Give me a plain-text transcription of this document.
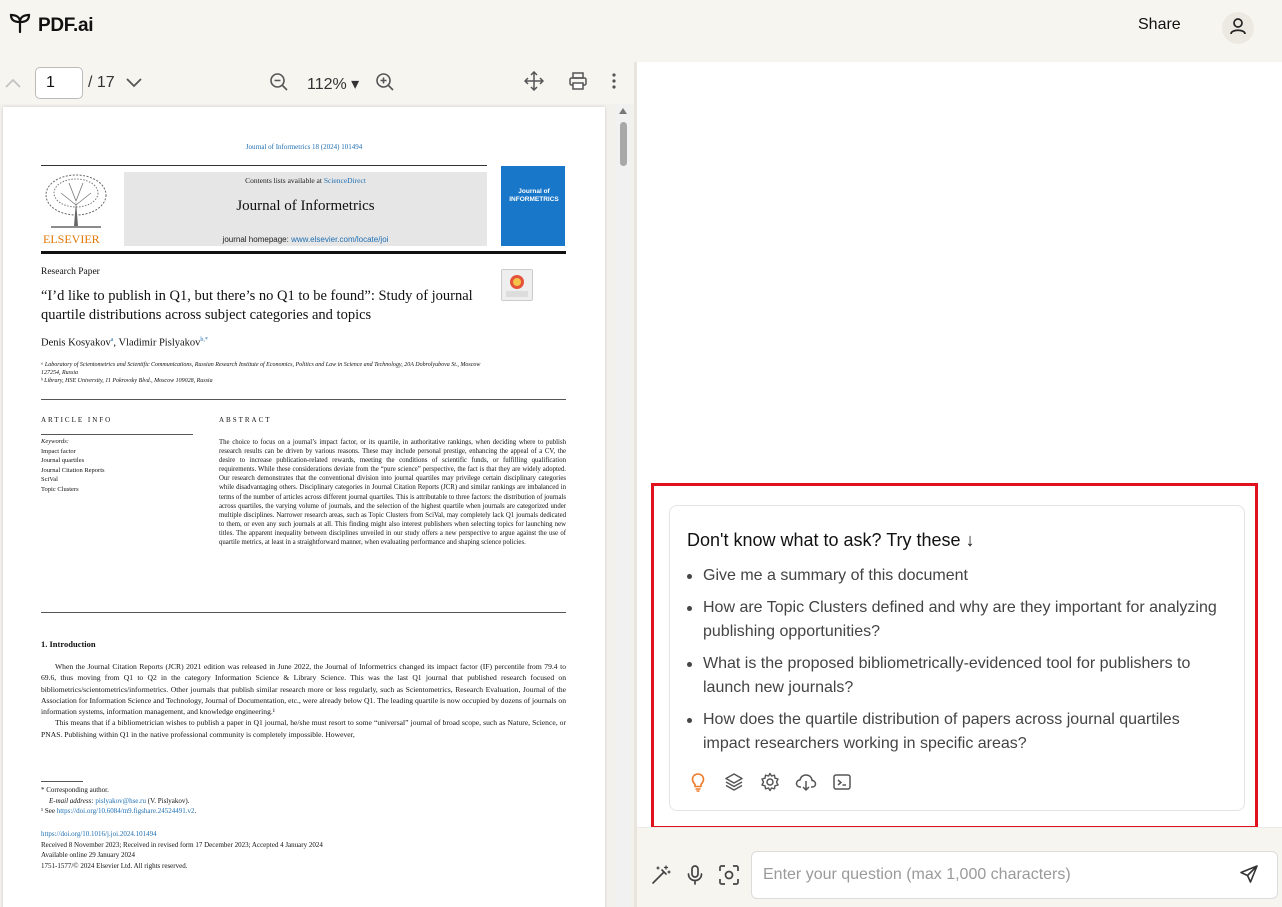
PDF.ai	Share
1	/ 17	112% ▾
Journal of Informetrics 18 (2024) 101494
ELSEVIER
Contents lists available at ScienceDirect
Journal of Informetrics
journal homepage: www.elsevier.com/locate/joi
Journal of INFORMETRICS
Research Paper
“I’d like to publish in Q1, but there’s no Q1 to be found”: Study of journal quartile distributions across subject categories and topics
Denis Kosyakov$^a$, Vladimir Pislyakov$^{b,*}$
ᵃ Laboratory of Scientometrics and Scientific Communications, Russian Research Institute of Economics, Politics and Law in Science and Technology, 20A Dobrolyubova St., Moscow 127254, Russia
ᵇ Library, HSE University, 11 Pokrovsky Blvd., Moscow 109028, Russia
ARTICLE INFO	ABSTRACT
Keywords:
Impact factor
Journal quartiles
Journal Citation Reports
SciVal
Topic Clusters
The choice to focus on a journal’s impact factor, or its quartile, in authoritative rankings, when deciding where to publish research results can be driven by various reasons. These may include personal prestige, enhancing the appeal of a CV, the desire to increase publication-related rewards, meeting the conditions of scientific funds, or fulfilling qualification requirements. While these considerations deviate from the “pure science” perspective, the fact is that they are widely adopted. Our research demonstrates that the conventional division into journal quartiles may privilege certain disciplinary categories while disadvantaging others. Disciplinary categories in Journal Citation Reports (JCR) and similar rankings are imbalanced in terms of the number of articles across different journal quartiles. This is attributable to three factors: the distribution of journals across quartiles, the varying volume of journals, and the selection of the highest quartile when journals are categorized under multiple disciplines. Narrower research areas, such as Topic Clusters from SciVal, may completely lack Q1 journals dedicated to them, or even any such journals at all. This finding might also interest publishers when selecting topics for launching new titles. The apparent inequality between disciplines unveiled in our study offers a new perspective to argue against the use of quartile metrics, at least in a straightforward manner, when evaluating performance and shaping science policies.
1. Introduction

When the Journal Citation Reports (JCR) 2021 edition was released in June 2022, the Journal of Informetrics changed its impact factor (IF) percentile from 79.4 to 69.6, thus moving from Q1 to Q2 in the category Information Science & Library Science. This was the last Q1 journal that published research focused on bibliometrics/scientometrics/informetrics. Other journals that publish similar research more or less regularly, such as Scientometrics, Research Evaluation, Journal of the Association for Information Science and Technology, Journal of Documentation, etc., were already below Q1. The leading quartile is now occupied by dozens of journals on information systems, information management, and knowledge engineering.¹

This means that if a bibliometrician wishes to publish a paper in Q1 journal, he/she must resort to some “universal” journal of broad scope, such as Nature, Science, or PNAS. Publishing within Q1 in the native professional community is completely impossible. However,

* Corresponding author.
E-mail address: pislyakov@hse.ru (V. Pislyakov).
¹ See https://doi.org/10.6084/m9.figshare.24524491.v2.
https://doi.org/10.1016/j.joi.2024.101494
Received 8 November 2023; Received in revised form 17 December 2023; Accepted 4 January 2024
Available online 29 January 2024
1751-1577/© 2024 Elsevier Ltd. All rights reserved.
Don't know what to ask? Try these ↓
Give me a summary of this document
How are Topic Clusters defined and why are they important for analyzing publishing opportunities?
What is the proposed bibliometrically-evidenced tool for publishers to launch new journals?
How does the quartile distribution of papers across journal quartiles impact researchers working in specific areas?
Enter your question (max 1,000 characters)
